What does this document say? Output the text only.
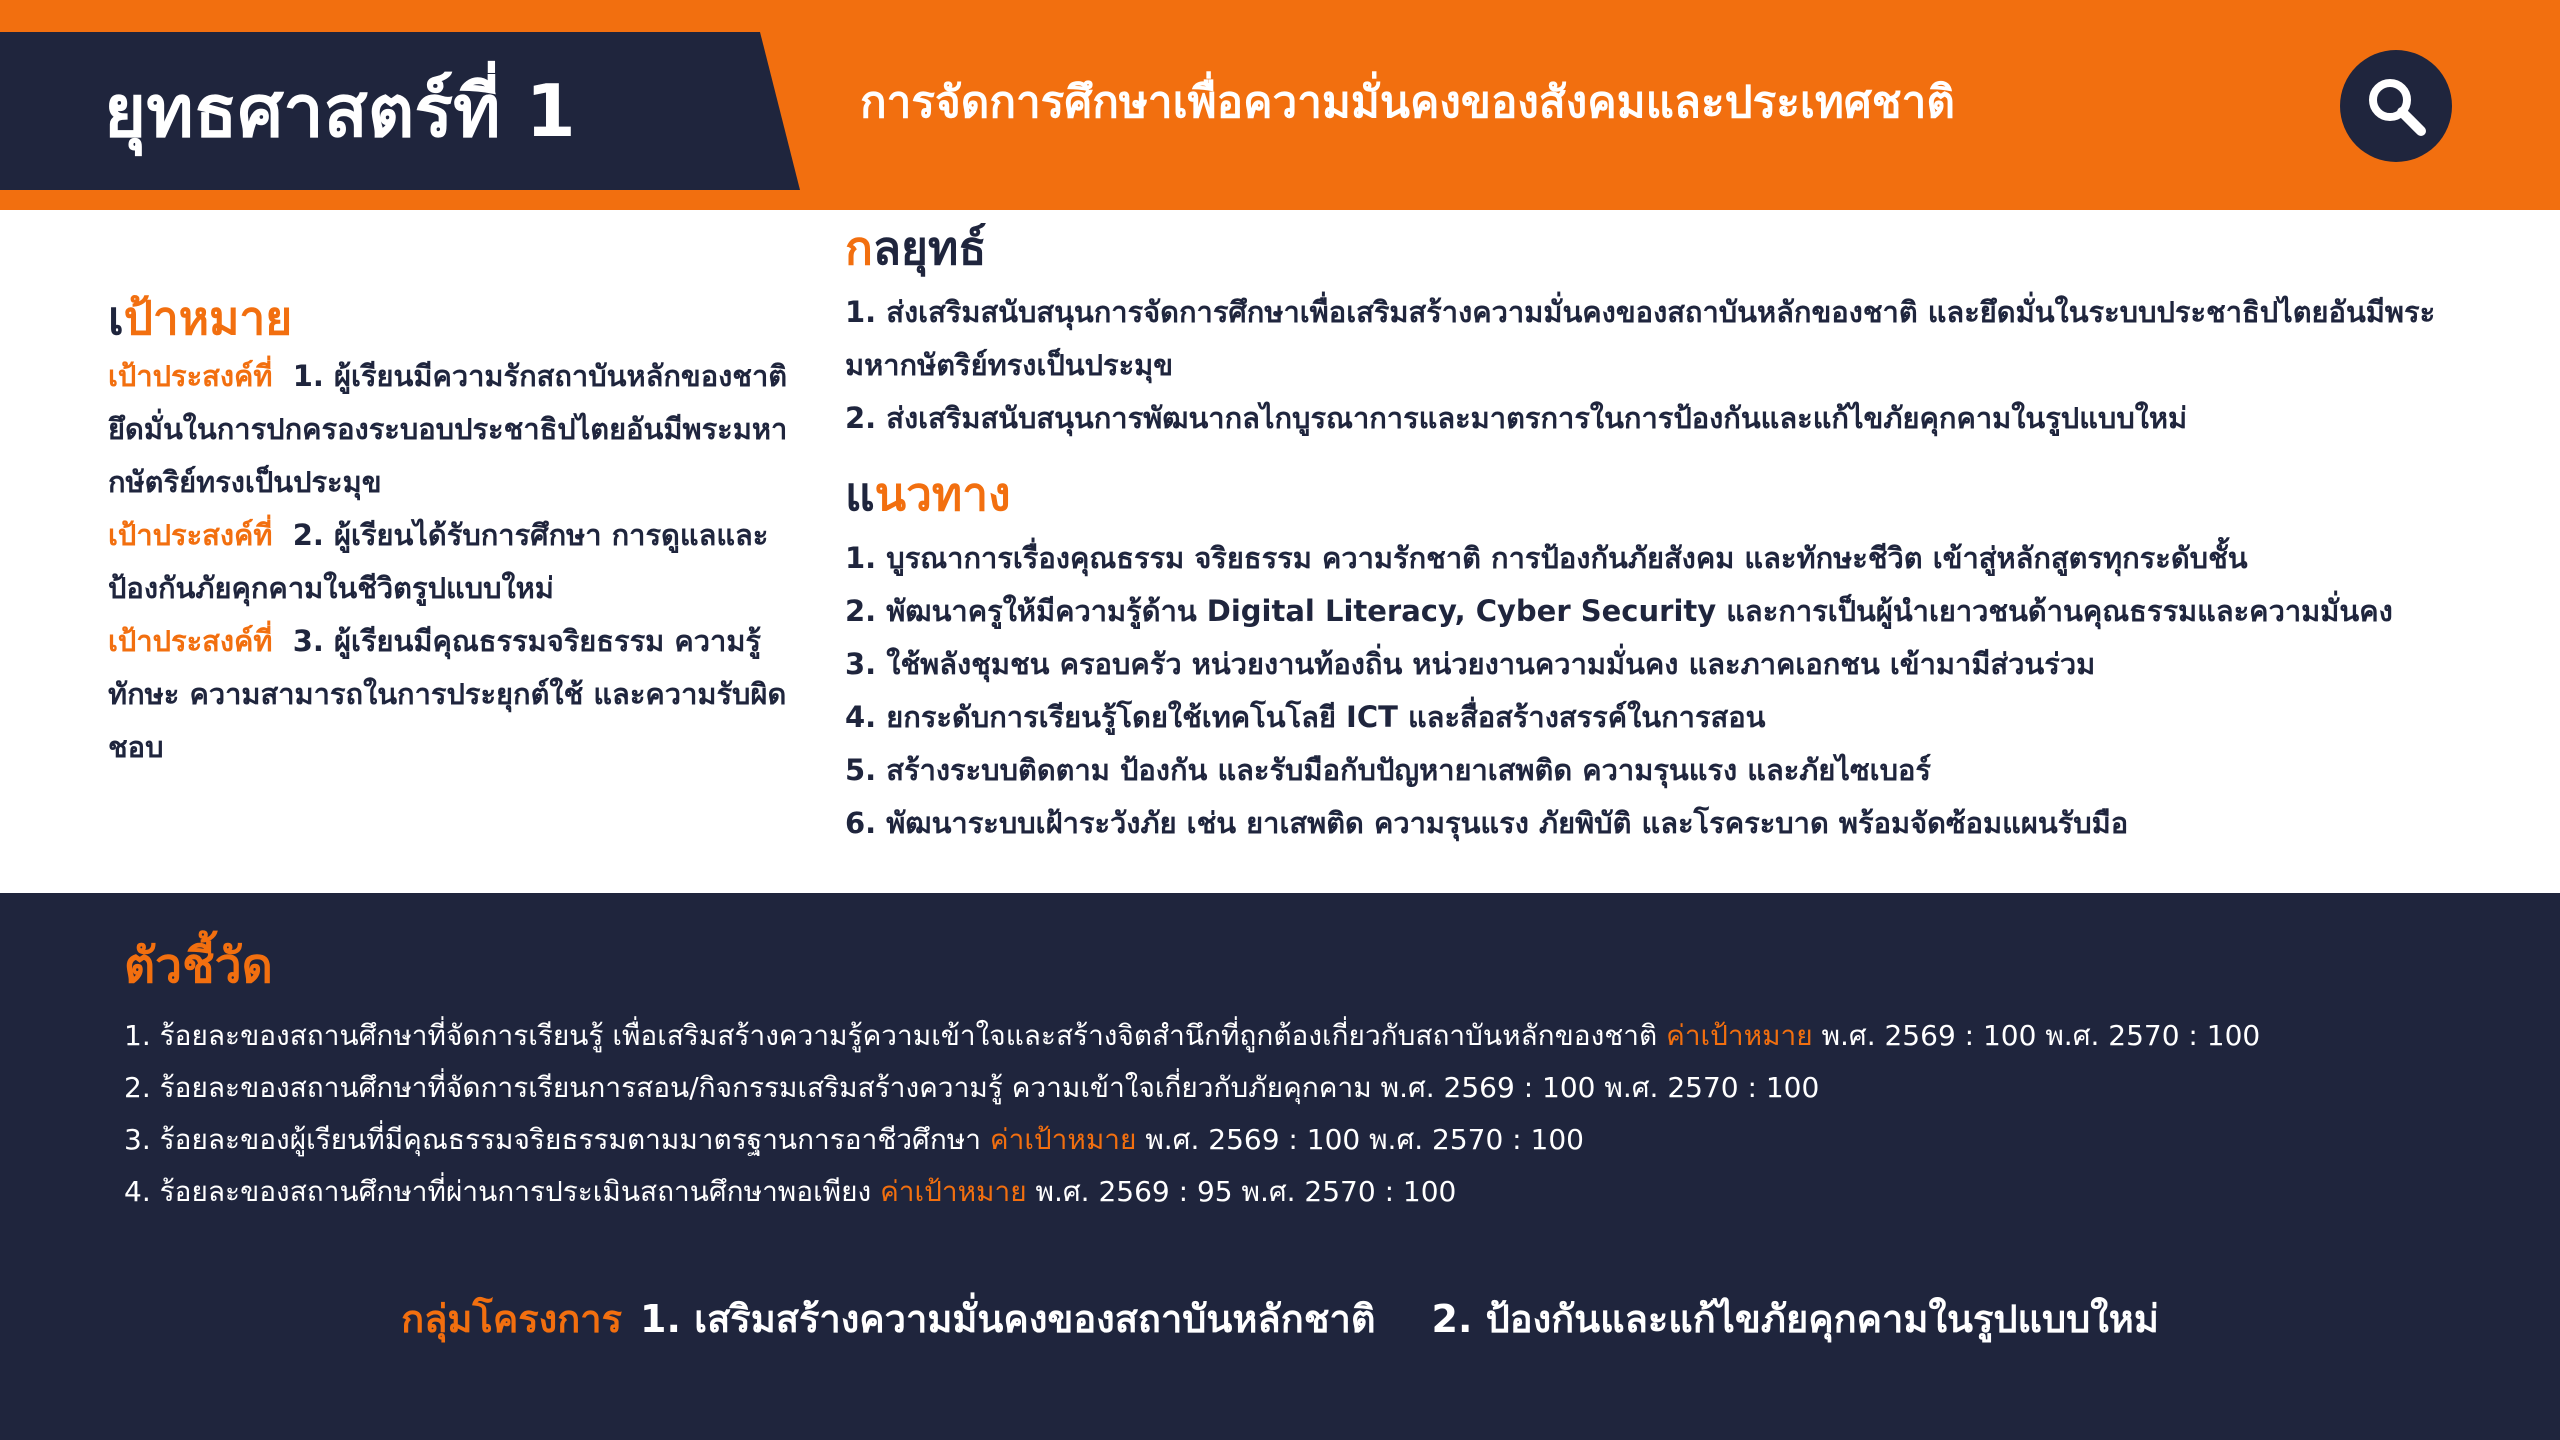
ยุทธศาสตร์ที่ 1	การจัดการศึกษาเพื่อความมั่นคงของสังคมและประเทศชาติ
กลยุทธ์
1. ส่งเสริมสนับสนุนการจัดการศึกษาเพื่อเสริมสร้างความมั่นคงของสถาบันหลักของชาติ และยึดมั่นในระบบประชาธิปไตยอันมีพระมหากษัตริย์ทรงเป็นประมุข
2. ส่งเสริมสนับสนุนการพัฒนากลไกบูรณาการและมาตรการในการป้องกันและแก้ไขภัยคุกคามในรูปแบบใหม่
เป้าหมาย

เป้าประสงค์ที่ 1. ผู้เรียนมีความรักสถาบันหลักของชาติ ยึดมั่นในการปกครองระบอบประชาธิปไตยอันมีพระมหากษัตริย์ทรงเป็นประมุข

เป้าประสงค์ที่ 2. ผู้เรียนได้รับการศึกษา การดูแลและป้องกันภัยคุกคามในชีวิตรูปแบบใหม่

เป้าประสงค์ที่ 3. ผู้เรียนมีคุณธรรมจริยธรรม ความรู้ ทักษะ ความสามารถในการประยุกต์ใช้ และความรับผิดชอบ

แนวทาง
1. บูรณาการเรื่องคุณธรรม จริยธรรม ความรักชาติ การป้องกันภัยสังคม และทักษะชีวิต เข้าสู่หลักสูตรทุกระดับชั้น
2. พัฒนาครูให้มีความรู้ด้าน Digital Literacy, Cyber Security และการเป็นผู้นำเยาวชนด้านคุณธรรมและความมั่นคง
3. ใช้พลังชุมชน ครอบครัว หน่วยงานท้องถิ่น หน่วยงานความมั่นคง และภาคเอกชน เข้ามามีส่วนร่วม
4. ยกระดับการเรียนรู้โดยใช้เทคโนโลยี ICT และสื่อสร้างสรรค์ในการสอน
5. สร้างระบบติดตาม ป้องกัน และรับมือกับปัญหายาเสพติด ความรุนแรง และภัยไซเบอร์
6. พัฒนาระบบเฝ้าระวังภัย เช่น ยาเสพติด ความรุนแรง ภัยพิบัติ และโรคระบาด พร้อมจัดซ้อมแผนรับมือ
ตัวชี้วัด
1. ร้อยละของสถานศึกษาที่จัดการเรียนรู้ เพื่อเสริมสร้างความรู้ความเข้าใจและสร้างจิตสำนึกที่ถูกต้องเกี่ยวกับสถาบันหลักของชาติ ค่าเป้าหมาย พ.ศ. 2569 : 100 พ.ศ. 2570 : 100
2. ร้อยละของสถานศึกษาที่จัดการเรียนการสอน/กิจกรรมเสริมสร้างความรู้ ความเข้าใจเกี่ยวกับภัยคุกคาม พ.ศ. 2569 : 100 พ.ศ. 2570 : 100
3. ร้อยละของผู้เรียนที่มีคุณธรรมจริยธรรมตามมาตรฐานการอาชีวศึกษา ค่าเป้าหมาย พ.ศ. 2569 : 100 พ.ศ. 2570 : 100
4. ร้อยละของสถานศึกษาที่ผ่านการประเมินสถานศึกษาพอเพียง ค่าเป้าหมาย พ.ศ. 2569 : 95 พ.ศ. 2570 : 100
กลุ่มโครงการ 1. เสริมสร้างความมั่นคงของสถาบันหลักชาติ 2. ป้องกันและแก้ไขภัยคุกคามในรูปแบบใหม่
